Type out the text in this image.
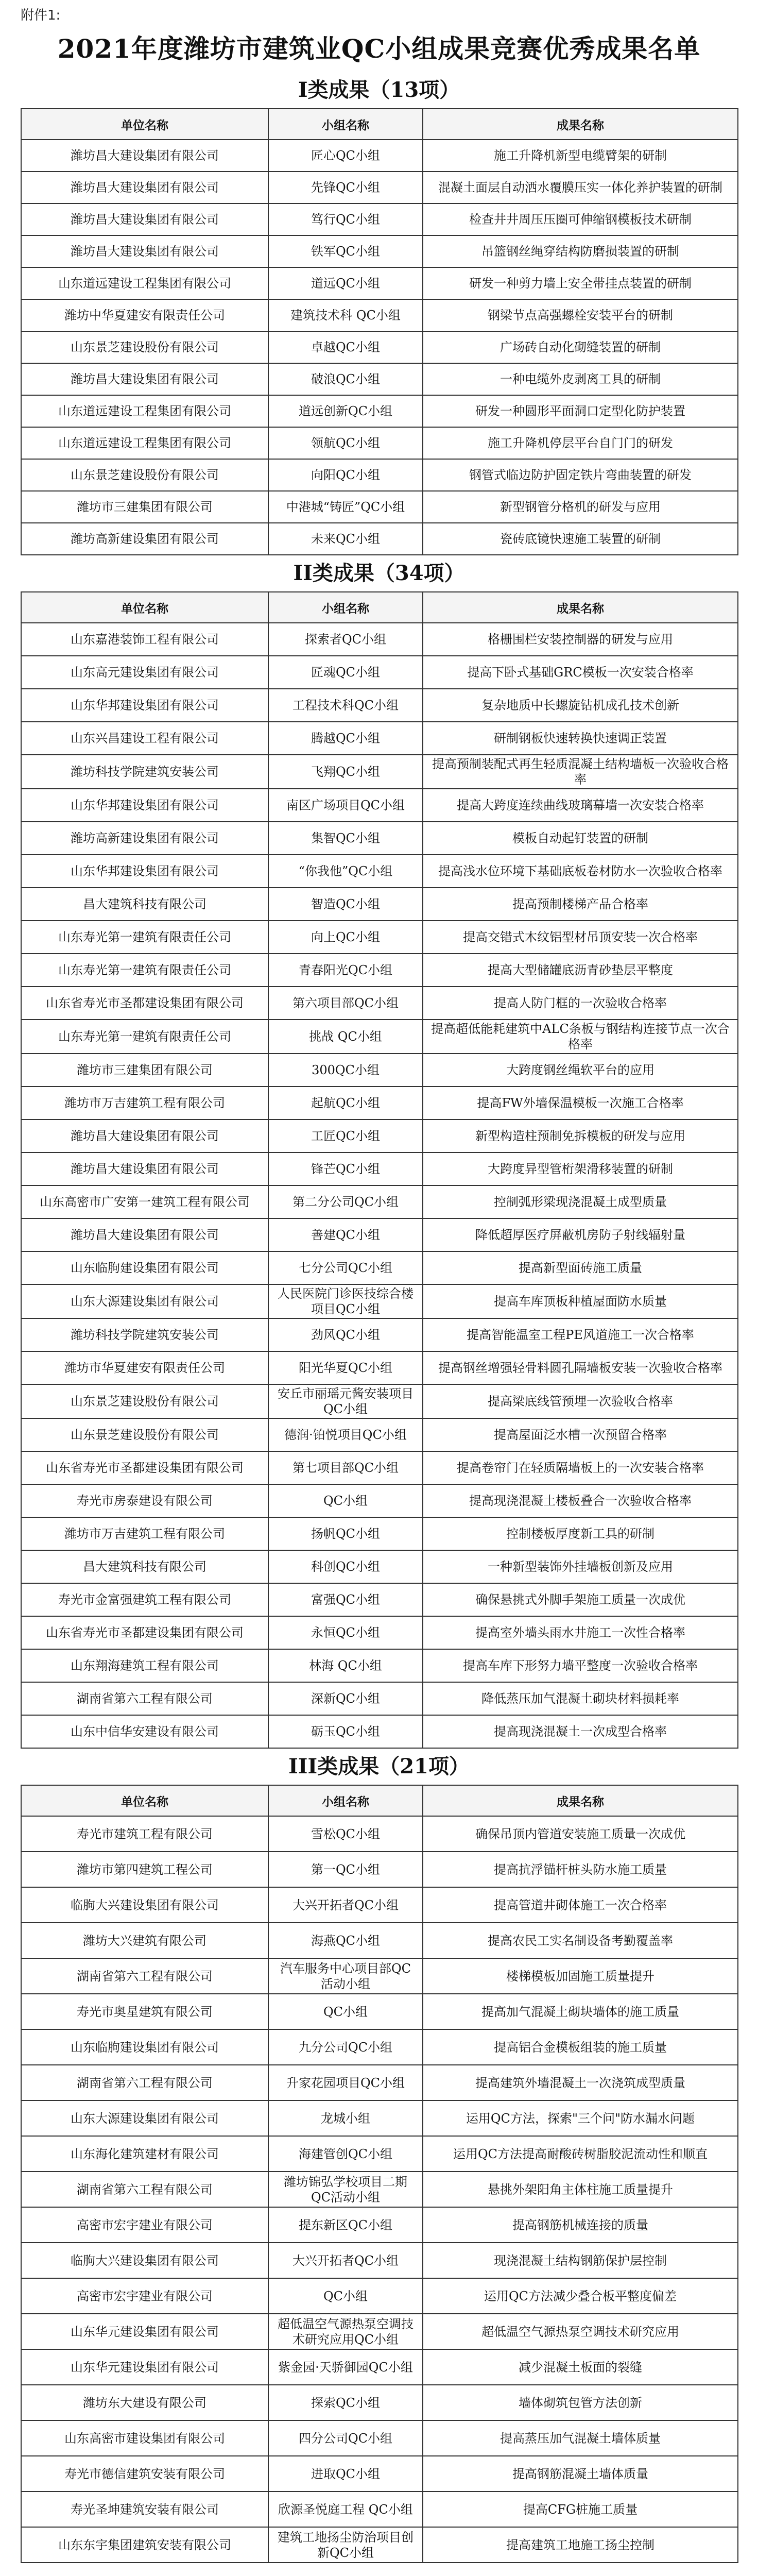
附件1:
2021年度潍坊市建筑业QC小组成果竞赛优秀成果名单
I类成果（13项）
单位名称	小组名称	成果名称
潍坊昌大建设集团有限公司	匠心QC小组	施工升降机新型电缆臂架的研制
潍坊昌大建设集团有限公司	先锋QC小组	混凝土面层自动洒水覆膜压实一体化养护装置的研制
潍坊昌大建设集团有限公司	笃行QC小组	检查井井周压压圈可伸缩钢模板技术研制
潍坊昌大建设集团有限公司	铁军QC小组	吊篮钢丝绳穿结构防磨损装置的研制
山东道远建设工程集团有限公司	道远QC小组	研发一种剪力墙上安全带挂点装置的研制
潍坊中华夏建安有限责任公司	建筑技术科 QC小组	钢梁节点高强螺栓安装平台的研制
山东景芝建设股份有限公司	卓越QC小组	广场砖自动化砌缝装置的研制
潍坊昌大建设集团有限公司	破浪QC小组	一种电缆外皮剥离工具的研制
山东道远建设工程集团有限公司	道远创新QC小组	研发一种圆形平面洞口定型化防护装置
山东道远建设工程集团有限公司	领航QC小组	施工升降机停层平台自门门的研发
山东景芝建设股份有限公司	向阳QC小组	钢管式临边防护固定铁片弯曲装置的研发
潍坊市三建集团有限公司	中港城“铸匠”QC小组	新型钢管分格机的研发与应用
潍坊高新建设集团有限公司	未来QC小组	瓷砖底镜快速施工装置的研制
II类成果（34项）
单位名称	小组名称	成果名称
山东嘉港装饰工程有限公司	探索者QC小组	格栅围栏安装控制器的研发与应用
山东高元建设集团有限公司	匠魂QC小组	提高下卧式基础GRC模板一次安装合格率
山东华邦建设集团有限公司	工程技术科QC小组	复杂地质中长螺旋钻机成孔技术创新
山东兴昌建设工程有限公司	腾越QC小组	研制钢板快速转换快速调正装置
潍坊科技学院建筑安装公司	飞翔QC小组	提高预制装配式再生轻质混凝土结构墙板一次验收合格率
山东华邦建设集团有限公司	南区广场项目QC小组	提高大跨度连续曲线玻璃幕墙一次安装合格率
潍坊高新建设集团有限公司	集智QC小组	模板自动起钉装置的研制
山东华邦建设集团有限公司	“你我他”QC小组	提高浅水位环境下基础底板卷材防水一次验收合格率
昌大建筑科技有限公司	智造QC小组	提高预制楼梯产品合格率
山东寿光第一建筑有限责任公司	向上QC小组	提高交错式木纹铝型材吊顶安装一次合格率
山东寿光第一建筑有限责任公司	青春阳光QC小组	提高大型储罐底沥青砂垫层平整度
山东省寿光市圣都建设集团有限公司	第六项目部QC小组	提高人防门框的一次验收合格率
山东寿光第一建筑有限责任公司	挑战 QC小组	提高超低能耗建筑中ALC条板与钢结构连接节点一次合格率
潍坊市三建集团有限公司	300QC小组	大跨度钢丝绳软平台的应用
潍坊市万吉建筑工程有限公司	起航QC小组	提高FW外墙保温模板一次施工合格率
潍坊昌大建设集团有限公司	工匠QC小组	新型构造柱预制免拆模板的研发与应用
潍坊昌大建设集团有限公司	锋芒QC小组	大跨度异型管桁架滑移装置的研制
山东高密市广安第一建筑工程有限公司	第二分公司QC小组	控制弧形梁现浇混凝土成型质量
潍坊昌大建设集团有限公司	善建QC小组	降低超厚医疗屏蔽机房防子射线辐射量
山东临朐建设集团有限公司	七分公司QC小组	提高新型面砖施工质量
山东大源建设集团有限公司	人民医院门诊医技综合楼项目QC小组	提高车库顶板种植屋面防水质量
潍坊科技学院建筑安装公司	劲风QC小组	提高智能温室工程PE风道施工一次合格率
潍坊市华夏建安有限责任公司	阳光华夏QC小组	提高钢丝增强轻骨料圆孔隔墙板安装一次验收合格率
山东景芝建设股份有限公司	安丘市丽瑶元酱安装项目QC小组	提高梁底线管预埋一次验收合格率
山东景芝建设股份有限公司	德润·铂悦项目QC小组	提高屋面泛水槽一次预留合格率
山东省寿光市圣都建设集团有限公司	第七项目部QC小组	提高卷帘门在轻质隔墙板上的一次安装合格率
寿光市房泰建设有限公司	QC小组	提高现浇混凝土楼板叠合一次验收合格率
潍坊市万吉建筑工程有限公司	扬帆QC小组	控制楼板厚度新工具的研制
昌大建筑科技有限公司	科创QC小组	一种新型装饰外挂墙板创新及应用
寿光市金富强建筑工程有限公司	富强QC小组	确保悬挑式外脚手架施工质量一次成优
山东省寿光市圣都建设集团有限公司	永恒QC小组	提高室外墙头雨水井施工一次性合格率
山东翔海建筑工程有限公司	林海 QC小组	提高车库下形努力墙平整度一次验收合格率
湖南省第六工程有限公司	深新QC小组	降低蒸压加气混凝土砌块材料损耗率
山东中信华安建设有限公司	砺玉QC小组	提高现浇混凝土一次成型合格率
III类成果（21项）
单位名称	小组名称	成果名称
寿光市建筑工程有限公司	雪松QC小组	确保吊顶内管道安装施工质量一次成优
潍坊市第四建筑工程公司	第一QC小组	提高抗浮锚杆桩头防水施工质量
临朐大兴建设集团有限公司	大兴开拓者QC小组	提高管道井砌体施工一次合格率
潍坊大兴建筑有限公司	海燕QC小组	提高农民工实名制设备考勤覆盖率
湖南省第六工程有限公司	汽车服务中心项目部QC活动小组	楼梯模板加固施工质量提升
寿光市奥星建筑有限公司	QC小组	提高加气混凝土砌块墙体的施工质量
山东临朐建设集团有限公司	九分公司QC小组	提高铝合金模板组装的施工质量
湖南省第六工程有限公司	升家花园项目QC小组	提高建筑外墙混凝土一次浇筑成型质量
山东大源建设集团有限公司	龙城小组	运用QC方法，探索"三个问"防水漏水问题
山东海化建筑建材有限公司	海建管创QC小组	运用QC方法提高耐酸砖树脂胶泥流动性和顺直
湖南省第六工程有限公司	潍坊锦弘学校项目二期QC活动小组	悬挑外架阳角主体柱施工质量提升
高密市宏宇建业有限公司	提东新区QC小组	提高钢筋机械连接的质量
临朐大兴建设集团有限公司	大兴开拓者QC小组	现浇混凝土结构钢筋保护层控制
高密市宏宇建业有限公司	QC小组	运用QC方法减少叠合板平整度偏差
山东华元建设集团有限公司	超低温空气源热泵空调技术研究应用QC小组	超低温空气源热泵空调技术研究应用
山东华元建设集团有限公司	紫金园·天骄御园QC小组	减少混凝土板面的裂缝
潍坊东大建设有限公司	探索QC小组	墙体砌筑包管方法创新
山东高密市建设集团有限公司	四分公司QC小组	提高蒸压加气混凝土墙体质量
寿光市德信建筑安装有限公司	进取QC小组	提高钢筋混凝土墙体质量
寿光圣坤建筑安装有限公司	欣源圣悦庭工程 QC小组	提高CFG桩施工质量
山东东宇集团建筑安装有限公司	建筑工地扬尘防治项目创新QC小组	提高建筑工地施工扬尘控制
